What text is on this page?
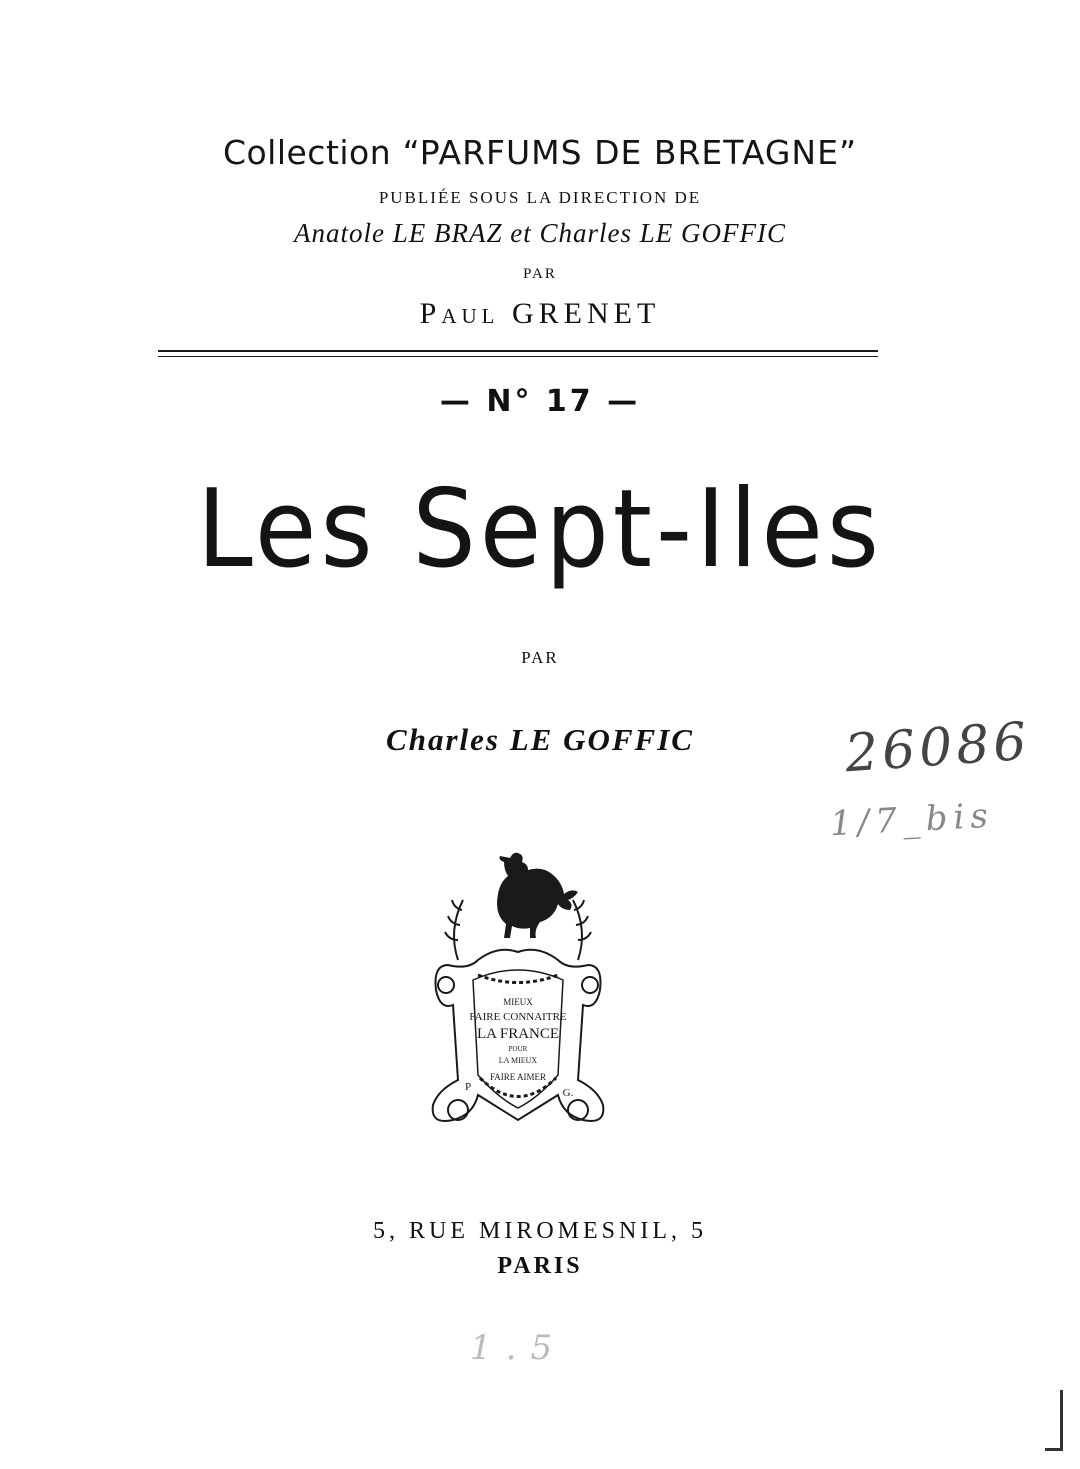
Collection “PARFUMS DE BRETAGNE”
PUBLIÉE SOUS LA DIRECTION DE
Anatole LE BRAZ et Charles LE GOFFIC
PAR
Paul GRENET
— N° 17 —
Les Sept-Iles
PAR
Charles LE GOFFIC
MIEUX
FAIRE CONNAITRE
LA FRANCE
POUR
LA MIEUX
FAIRE AIMER
P	G.
5, RUE MIROMESNIL, 5
PARIS
26086
1/7_bis
1.5
